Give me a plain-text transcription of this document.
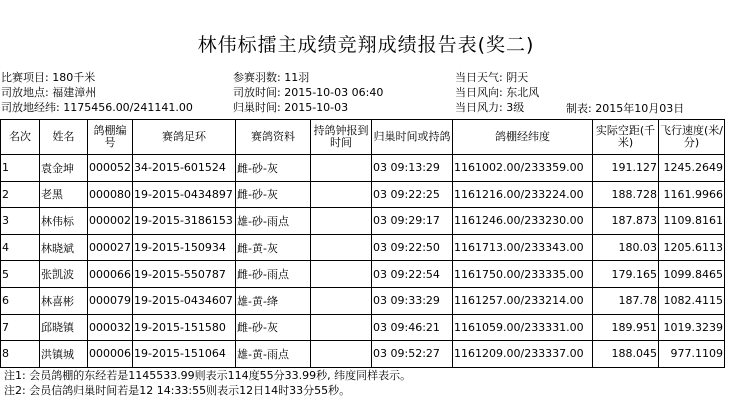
林伟标擂主成绩竞翔成绩报告表(奖二)
比赛项目: 180千米
司放地点: 福建漳州
司放地经纬: 1175456.00/241141.00
参赛羽数: 11羽
司放时间: 2015-10-03 06:40
归巢时间: 2015-10-03
当日天气: 阴天
当日风向: 东北风
当日风力: 3级	制表: 2015年10月03日
名次	姓名	鸽棚编号	赛鸽足环	赛鸽资料	持鸽钟报到时间	归巢时间或持鸽	鸽棚经纬度	实际空距(千米)	飞行速度(米/分)
1	袁金坤	000052	34-2015-601524	雌-砂-灰		03 09:13:29	1161002.00/233359.00	191.127	1245.2649
2	老黑	000080	19-2015-0434897	雌-砂-灰		03 09:22:25	1161216.00/233224.00	188.728	1161.9966
3	林伟标	000002	19-2015-3186153	雄-砂-雨点		03 09:29:17	1161246.00/233230.00	187.873	1109.8161
4	林晓斌	000027	19-2015-150934	雌-黄-灰		03 09:22:50	1161713.00/233343.00	180.03	1205.6113
5	张凯波	000066	19-2015-550787	雌-砂-雨点		03 09:22:54	1161750.00/233335.00	179.165	1099.8465
6	林喜彬	000079	19-2015-0434607	雄-黄-绛		03 09:33:29	1161257.00/233214.00	187.78	1082.4115
7	邱晓镇	000032	19-2015-151580	雌-砂-灰		03 09:46:21	1161059.00/233331.00	189.951	1019.3239
8	洪镇城	000006	19-2015-151064	雄-黄-雨点		03 09:52:27	1161209.00/233337.00	188.045	977.1109
注1: 会员鸽棚的东经若是1145533.99则表示114度55分33.99秒, 纬度同样表示。
注2: 会员信鸽归巢时间若是12 14:33:55则表示12日14时33分55秒。
